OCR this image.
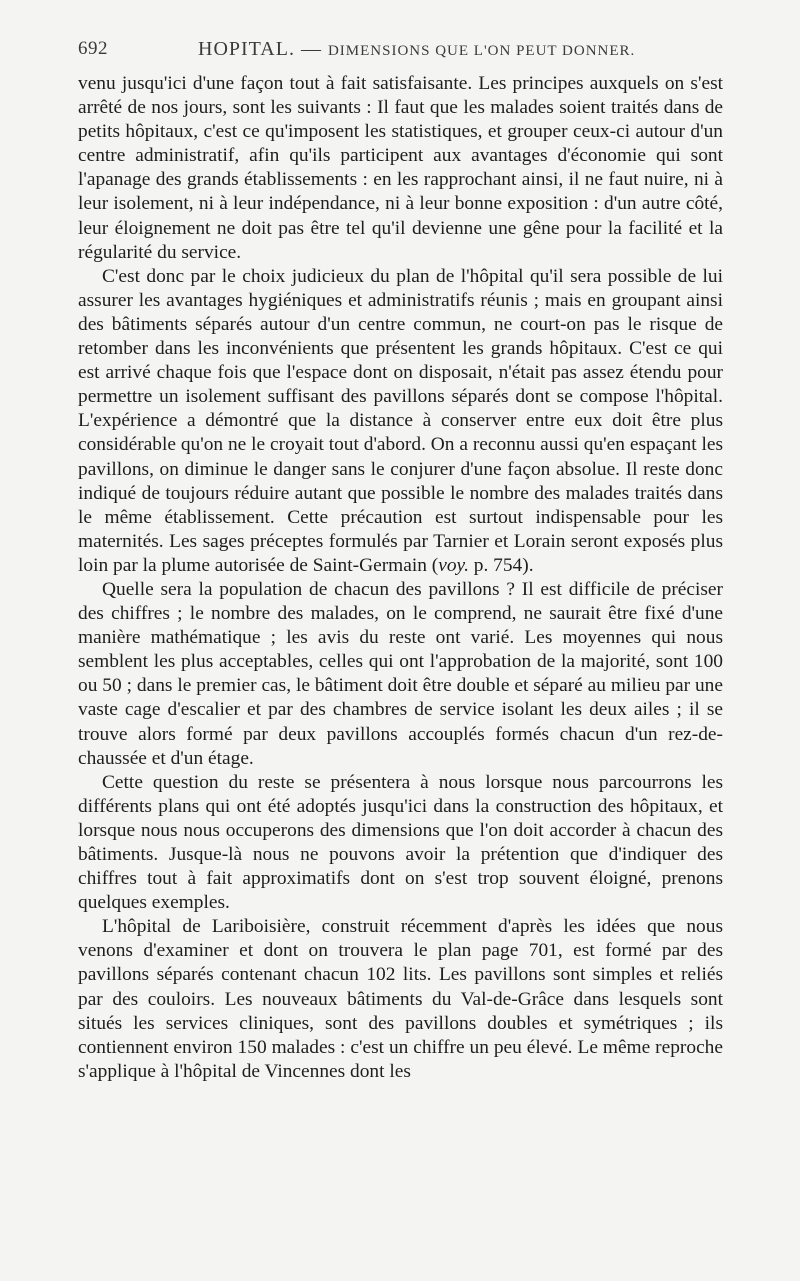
692	HOPITAL. — DIMENSIONS QUE L'ON PEUT DONNER.

venu jusqu'ici d'une façon tout à fait satisfaisante. Les principes auxquels on s'est arrêté de nos jours, sont les suivants : Il faut que les malades soient traités dans de petits hôpitaux, c'est ce qu'imposent les statistiques, et grouper ceux-ci autour d'un centre administratif, afin qu'ils participent aux avantages d'économie qui sont l'apanage des grands établissements : en les rapprochant ainsi, il ne faut nuire, ni à leur isolement, ni à leur indépendance, ni à leur bonne exposition : d'un autre côté, leur éloignement ne doit pas être tel qu'il devienne une gêne pour la facilité et la régularité du service.

C'est donc par le choix judicieux du plan de l'hôpital qu'il sera possible de lui assurer les avantages hygiéniques et administratifs réunis ; mais en groupant ainsi des bâtiments séparés autour d'un centre commun, ne court-on pas le risque de retomber dans les inconvénients que présentent les grands hôpitaux. C'est ce qui est arrivé chaque fois que l'espace dont on disposait, n'était pas assez étendu pour permettre un isolement suffisant des pavillons séparés dont se compose l'hôpital. L'expérience a démontré que la distance à conserver entre eux doit être plus considérable qu'on ne le croyait tout d'abord. On a reconnu aussi qu'en espaçant les pavillons, on diminue le danger sans le conjurer d'une façon absolue. Il reste donc indiqué de toujours réduire autant que possible le nombre des malades traités dans le même établissement. Cette précaution est surtout indispensable pour les maternités. Les sages préceptes formulés par Tarnier et Lorain seront exposés plus loin par la plume autorisée de Saint-Germain (voy. p. 754).

Quelle sera la population de chacun des pavillons ? Il est difficile de préciser des chiffres ; le nombre des malades, on le comprend, ne saurait être fixé d'une manière mathématique ; les avis du reste ont varié. Les moyennes qui nous semblent les plus acceptables, celles qui ont l'approbation de la majorité, sont 100 ou 50 ; dans le premier cas, le bâtiment doit être double et séparé au milieu par une vaste cage d'escalier et par des chambres de service isolant les deux ailes ; il se trouve alors formé par deux pavillons accouplés formés chacun d'un rez-de-chaussée et d'un étage.

Cette question du reste se présentera à nous lorsque nous parcourrons les différents plans qui ont été adoptés jusqu'ici dans la construction des hôpitaux, et lorsque nous nous occuperons des dimensions que l'on doit accorder à chacun des bâtiments. Jusque-là nous ne pouvons avoir la prétention que d'indiquer des chiffres tout à fait approximatifs dont on s'est trop souvent éloigné, prenons quelques exemples.

L'hôpital de Lariboisière, construit récemment d'après les idées que nous venons d'examiner et dont on trouvera le plan page 701, est formé par des pavillons séparés contenant chacun 102 lits. Les pavillons sont simples et reliés par des couloirs. Les nouveaux bâtiments du Val-de-Grâce dans lesquels sont situés les services cliniques, sont des pavillons doubles et symétriques ; ils contiennent environ 150 malades : c'est un chiffre un peu élevé. Le même reproche s'applique à l'hôpital de Vincennes dont les
